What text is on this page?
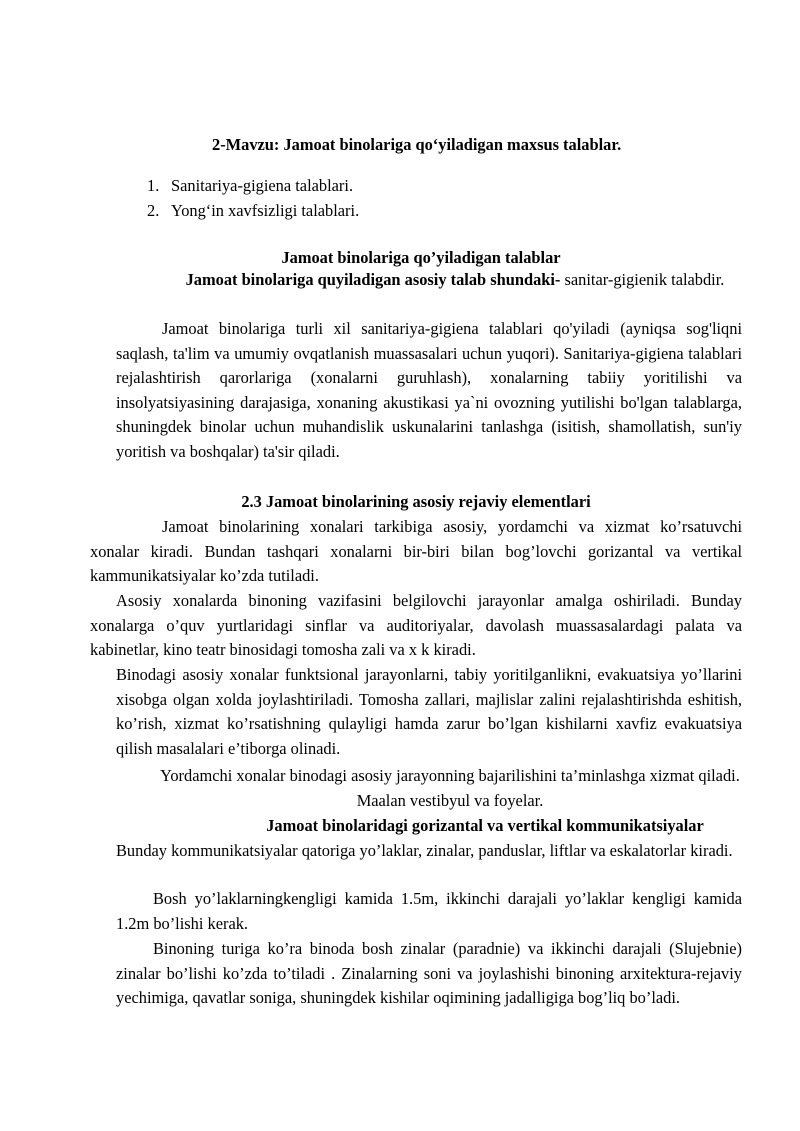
2-Mavzu: Jamoat binolariga qo‘yiladigan maxsus talablar.
1. Sanitariya-gigiena talablari.
2. Yong‘in xavfsizligi talablari.
Jamoat binolariga qo’yiladigan talablar
Jamoat binolariga quyiladigan asosiy talab shundaki- sanitar-gigienik talabdir.
Jamoat binolariga turli xil sanitariya-gigiena talablari qo'yiladi (ayniqsa sog'liqni saqlash, ta'lim va umumiy ovqatlanish muassasalari uchun yuqori). Sanitariya-gigiena talablari rejalashtirish qarorlariga (xonalarni guruhlash), xonalarning tabiiy yoritilishi va insolyatsiyasining darajasiga, xonaning akustikasi ya`ni ovozning yutilishi bo'lgan talablarga, shuningdek binolar uchun muhandislik uskunalarini tanlashga (isitish, shamollatish, sun'iy yoritish va boshqalar) ta'sir qiladi.
2.3 Jamoat binolarining asosiy rejaviy elementlari
Jamoat binolarining xonalari tarkibiga asosiy, yordamchi va xizmat ko’rsatuvchi xonalar kiradi. Bundan tashqari xonalarni bir-biri bilan bog’lovchi gorizantal va vertikal kammunikatsiyalar ko’zda tutiladi.
Asosiy xonalarda binoning vazifasini belgilovchi jarayonlar amalga oshiriladi. Bunday xonalarga o’quv yurtlaridagi sinflar va auditoriyalar, davolash muassasalardagi palata va kabinetlar, kino teatr binosidagi tomosha zali va x k kiradi.
Binodagi asosiy xonalar funktsional jarayonlarni, tabiy yoritilganlikni, evakuatsiya yo’llarini xisobga olgan xolda joylashtiriladi. Tomosha zallari, majlislar zalini rejalashtirishda eshitish, ko’rish, xizmat ko’rsatishning qulayligi hamda zarur bo’lgan kishilarni xavfiz evakuatsiya qilish masalalari e’tiborga olinadi.
Yordamchi xonalar binodagi asosiy jarayonning bajarilishini ta’minlashga xizmat qiladi. Maalan vestibyul va foyelar.
Jamoat binolaridagi gorizantal va vertikal kommunikatsiyalar
Bunday kommunikatsiyalar qatoriga yo’laklar, zinalar, panduslar, liftlar va eskalatorlar kiradi.
Bosh yo’laklarningkengligi kamida 1.5m, ikkinchi darajali yo’laklar kengligi kamida 1.2m bo’lishi kerak.
Binoning turiga ko’ra binoda bosh zinalar (paradnie) va ikkinchi darajali (Slujebnie) zinalar bo’lishi ko’zda to’tiladi . Zinalarning soni va joylashishi binoning arxitektura-rejaviy yechimiga, qavatlar soniga, shuningdek kishilar oqimining jadalligiga bog’liq bo’ladi.
